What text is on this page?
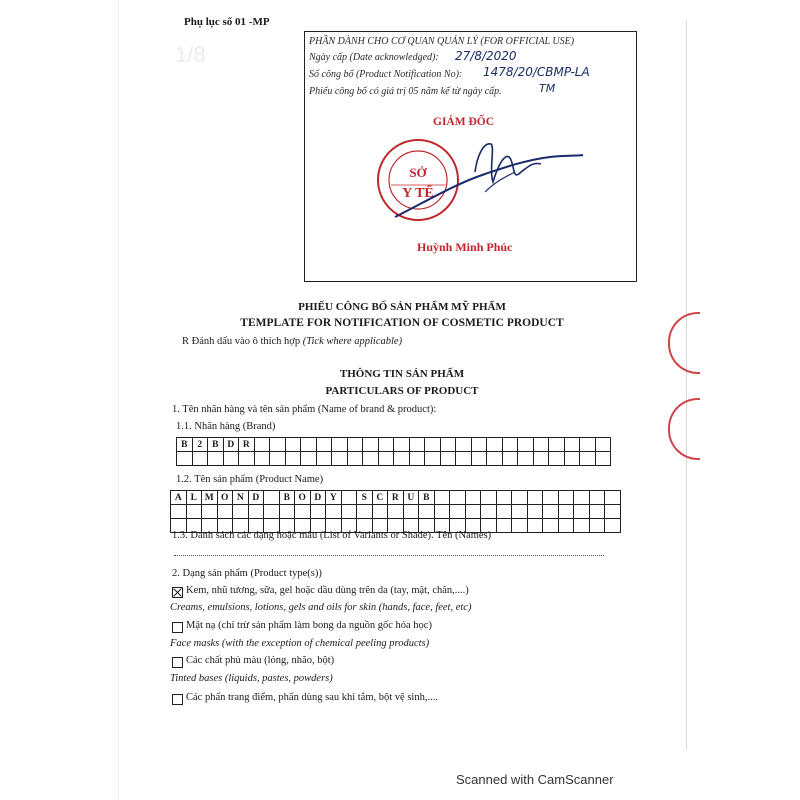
Phụ lục số 01 -MP
1/8
PHẦN DÀNH CHO CƠ QUAN QUẢN LÝ (FOR OFFICIAL USE)
Ngày cấp (Date acknowledged): 27/8/2020
Số công bố (Product Notification No): 1478/20/CBMP-LA
Phiếu công bố có giá trị 05 năm kể từ ngày cấp.	TM
GIÁM ĐỐC
SỞ
Y TẾ
Huỳnh Minh Phúc
PHIẾU CÔNG BỐ SẢN PHẨM MỸ PHẨM
TEMPLATE FOR NOTIFICATION OF COSMETIC PRODUCT
R Đánh dấu vào ô thích hợp (Tick where applicable)
THÔNG TIN SẢN PHẨM
PARTICULARS OF PRODUCT
1. Tên nhãn hàng và tên sản phẩm (Name of brand & product):
1.1. Nhãn hàng (Brand)
B	2	B D R
1.2. Tên sản phẩm (Product Name)
A L M O N D	B O D Y	S C R U B
1.3. Danh sách các dạng hoặc màu (List of Variants or Shade). Tên (Names)
2. Dạng sản phẩm (Product type(s))
Kem, nhũ tương, sữa, gel hoặc dầu dùng trên da (tay, mặt, chân,....)
Creams, emulsions, lotions, gels and oils for skin (hands, face, feet, etc)
Mặt nạ (chỉ trừ sản phẩm làm bong da nguồn gốc hóa học)
Face masks (with the exception of chemical peeling products)
Các chất phủ màu (lỏng, nhão, bột)
Tinted bases (liquids, pastes, powders)
Các phấn trang điểm, phấn dùng sau khi tắm, bột vệ sinh,....
Scanned with CamScanner
